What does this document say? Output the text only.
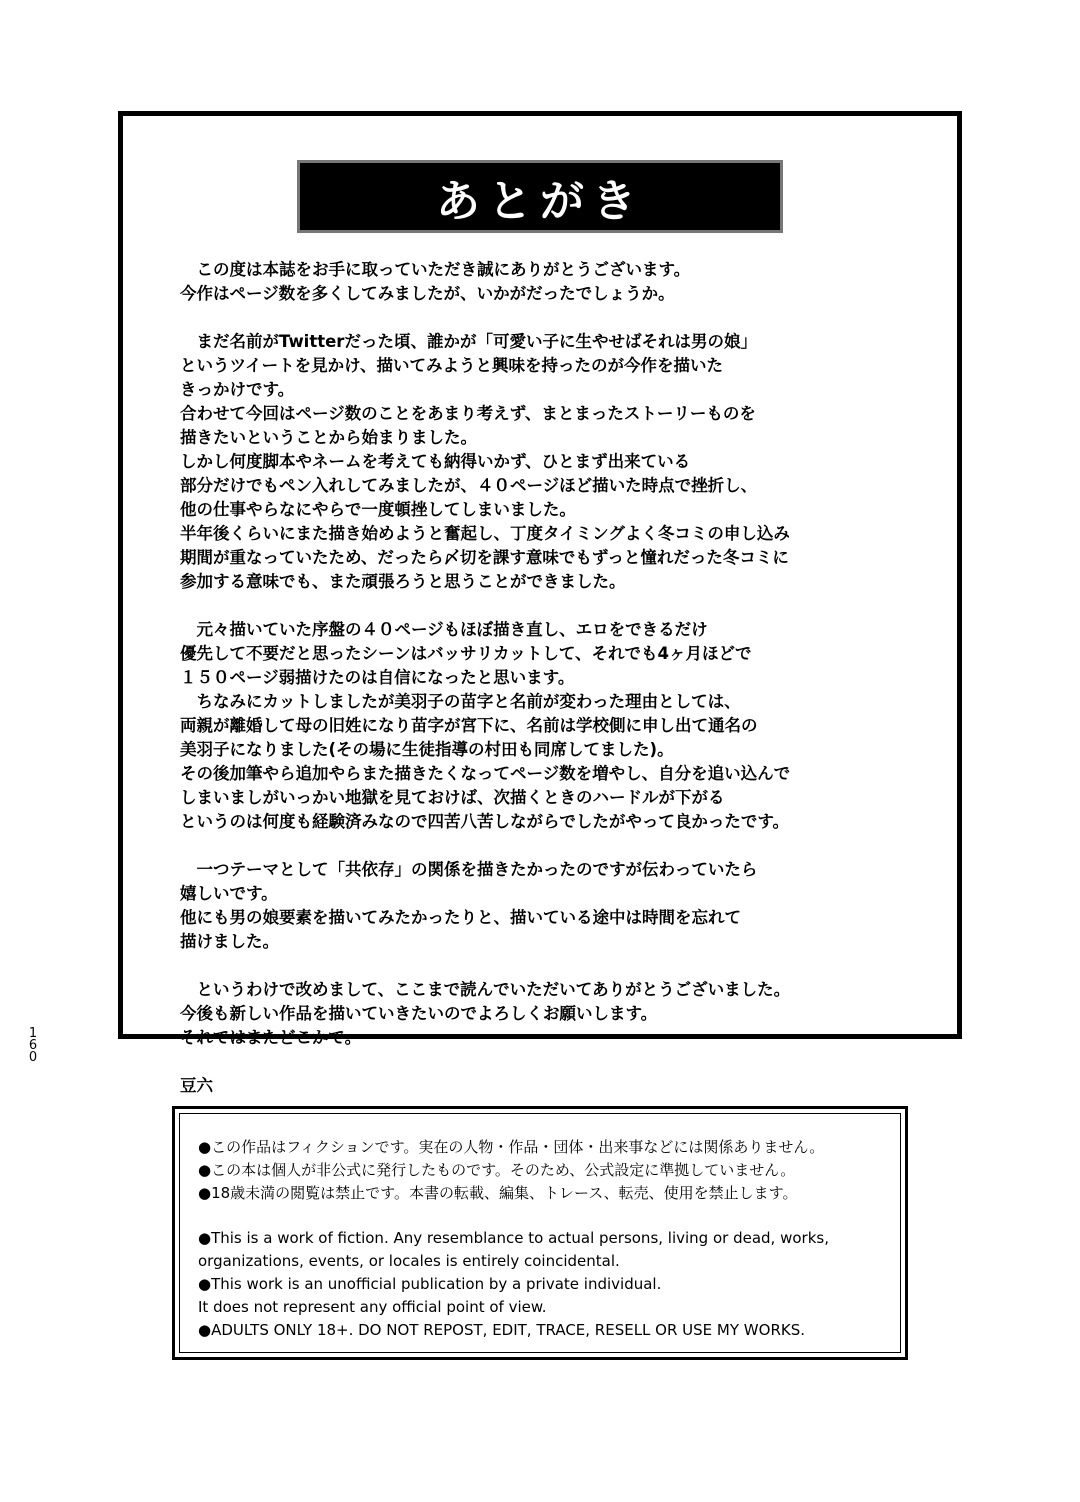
あとがき
　この度は本誌をお手に取っていただき誠にありがとうございます。
今作はページ数を多くしてみましたが、いかがだったでしょうか。
　まだ名前がTwitterだった頃、誰かが「可愛い子に生やせばそれは男の娘」
というツイートを見かけ、描いてみようと興味を持ったのが今作を描いた
きっかけです。
合わせて今回はページ数のことをあまり考えず、まとまったストーリーものを
描きたいということから始まりました。
しかし何度脚本やネームを考えても納得いかず、ひとまず出来ている
部分だけでもペン入れしてみましたが、４０ページほど描いた時点で挫折し、
他の仕事やらなにやらで一度頓挫してしまいました。
半年後くらいにまた描き始めようと奮起し、丁度タイミングよく冬コミの申し込み
期間が重なっていたため、だったら〆切を課す意味でもずっと憧れだった冬コミに
参加する意味でも、また頑張ろうと思うことができました。
　元々描いていた序盤の４０ページもほぼ描き直し、エロをできるだけ
優先して不要だと思ったシーンはバッサリカットして、それでも4ヶ月ほどで
１５０ページ弱描けたのは自信になったと思います。
　ちなみにカットしましたが美羽子の苗字と名前が変わった理由としては、
両親が離婚して母の旧姓になり苗字が宮下に、名前は学校側に申し出て通名の
美羽子になりました(その場に生徒指導の村田も同席してました)。
その後加筆やら追加やらまた描きたくなってページ数を増やし、自分を追い込んで
しまいましがいっかい地獄を見ておけば、次描くときのハードルが下がる
というのは何度も経験済みなので四苦八苦しながらでしたがやって良かったです。
　一つテーマとして「共依存」の関係を描きたかったのですが伝わっていたら
嬉しいです。
他にも男の娘要素を描いてみたかったりと、描いている途中は時間を忘れて
描けました。
　というわけで改めまして、ここまで読んでいただいてありがとうございました。
今後も新しい作品を描いていきたいのでよろしくお願いします。
それではまたどこかで。
豆六
●この作品はフィクションです。実在の人物・作品・団体・出来事などには関係ありません。
●この本は個人が非公式に発行したものです。そのため、公式設定に準拠していません。
●18歳未満の閲覧は禁止です。本書の転載、編集、トレース、転売、使用を禁止します。
●This is a work of fiction. Any resemblance to actual persons, living or dead, works,
organizations, events, or locales is entirely coincidental.
●This work is an unofficial publication by a private individual.
It does not represent any official point of view.
●ADULTS ONLY 18+. DO NOT REPOST, EDIT, TRACE, RESELL OR USE MY WORKS.
1
6
0
